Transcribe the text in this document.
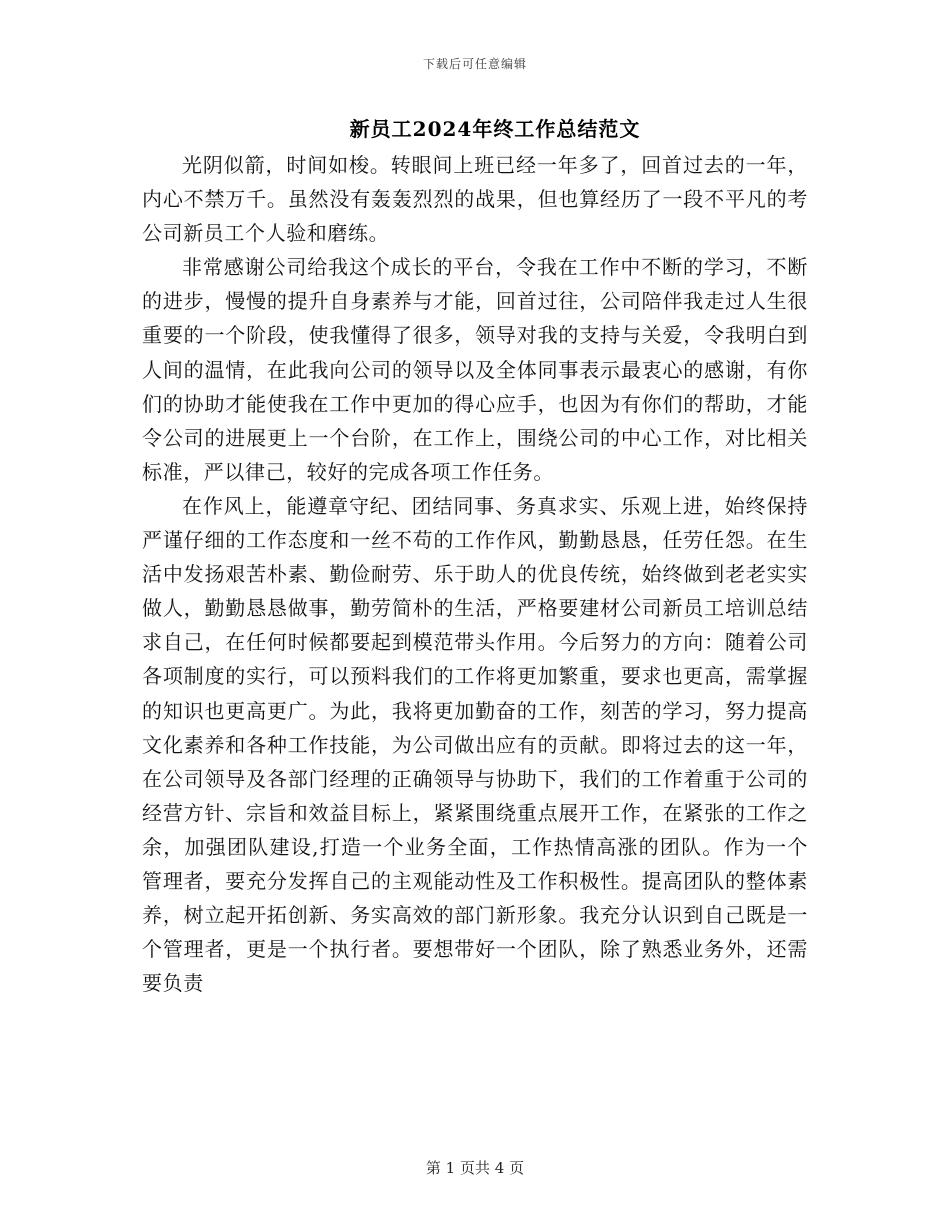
下载后可任意编辑
新员工2024年终工作总结范文

光阴似箭，时间如梭。转眼间上班已经一年多了，回首过去的一年，内心不禁万千。虽然没有轰轰烈烈的战果，但也算经历了一段不平凡的考公司新员工个人验和磨练。

非常感谢公司给我这个成长的平台，令我在工作中不断的学习，不断的进步，慢慢的提升自身素养与才能，回首过往，公司陪伴我走过人生很重要的一个阶段，使我懂得了很多，领导对我的支持与关爱，令我明白到人间的温情，在此我向公司的领导以及全体同事表示最衷心的感谢，有你们的协助才能使我在工作中更加的得心应手，也因为有你们的帮助，才能令公司的进展更上一个台阶，在工作上，围绕公司的中心工作，对比相关标准，严以律己，较好的完成各项工作任务。

在作风上，能遵章守纪、团结同事、务真求实、乐观上进，始终保持严谨仔细的工作态度和一丝不苟的工作作风，勤勤恳恳，任劳任怨。在生活中发扬艰苦朴素、勤俭耐劳、乐于助人的优良传统，始终做到老老实实做人，勤勤恳恳做事，勤劳简朴的生活，严格要建材公司新员工培训总结求自己，在任何时候都要起到模范带头作用。今后努力的方向：随着公司各项制度的实行，可以预料我们的工作将更加繁重，要求也更高，需掌握的知识也更高更广。为此，我将更加勤奋的工作，刻苦的学习，努力提高文化素养和各种工作技能，为公司做出应有的贡献。即将过去的这一年，在公司领导及各部门经理的正确领导与协助下，我们的工作着重于公司的经营方针、宗旨和效益目标上，紧紧围绕重点展开工作，在紧张的工作之余，加强团队建设,打造一个业务全面，工作热情高涨的团队。作为一个管理者，要充分发挥自己的主观能动性及工作积极性。提高团队的整体素养，树立起开拓创新、务实高效的部门新形象。我充分认识到自己既是一个管理者，更是一个执行者。要想带好一个团队，除了熟悉业务外，还需要负责

第 1 页共 4 页
